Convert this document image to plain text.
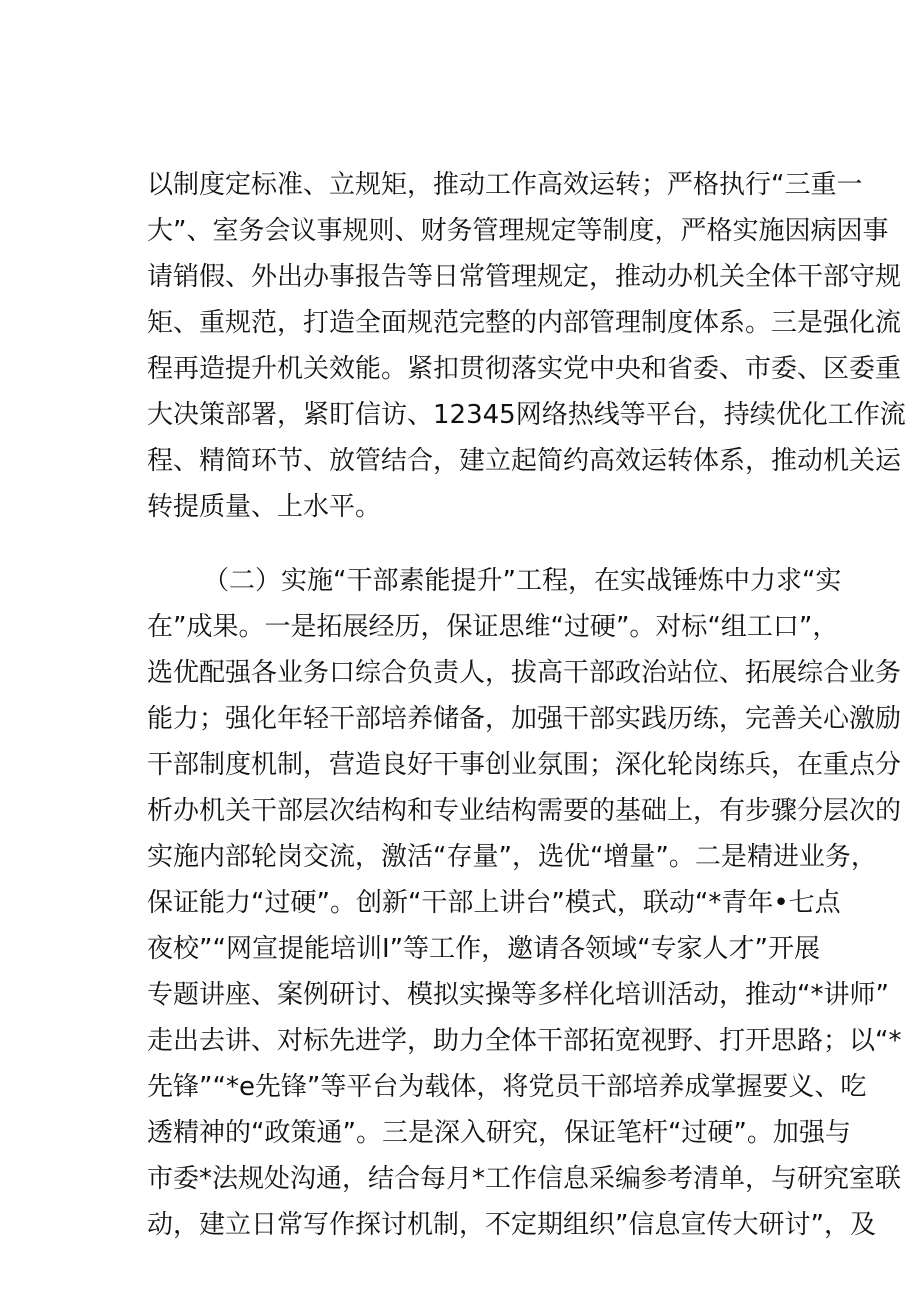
以制度定标准、立规矩，推动工作高效运转；严格执行“三重一
大”、室务会议事规则、财务管理规定等制度，严格实施因病因事
请销假、外出办事报告等日常管理规定，推动办机关全体干部守规
矩、重规范，打造全面规范完整的内部管理制度体系。三是强化流
程再造提升机关效能。紧扣贯彻落实党中央和省委、市委、区委重
大决策部署，紧盯信访、12345网络热线等平台，持续优化工作流
程、精简环节、放管结合，建立起简约高效运转体系，推动机关运
转提质量、上水平。
（二）实施“干部素能提升”工程，在实战锤炼中力求“实
在”成果。一是拓展经历，保证思维“过硬”。对标“组工口”，
选优配强各业务口综合负责人，拔高干部政治站位、拓展综合业务
能力；强化年轻干部培养储备，加强干部实践历练，完善关心激励
干部制度机制，营造良好干事创业氛围；深化轮岗练兵，在重点分
析办机关干部层次结构和专业结构需要的基础上，有步骤分层次的
实施内部轮岗交流，激活“存量”，选优“增量”。二是精进业务，
保证能力“过硬”。创新“干部上讲台”模式，联动“*青年•七点
夜校”“网宣提能培训I”等工作，邀请各领域“专家人才”开展
专题讲座、案例研讨、模拟实操等多样化培训活动，推动“*讲师”
走出去讲、对标先进学，助力全体干部拓宽视野、打开思路；以“*
先锋”“*e先锋”等平台为载体，将党员干部培养成掌握要义、吃
透精神的“政策通”。三是深入研究，保证笔杆“过硬”。加强与
市委*法规处沟通，结合每月*工作信息采编参考清单，与研究室联
动，建立日常写作探讨机制，不定期组织”信息宣传大研讨”，及
